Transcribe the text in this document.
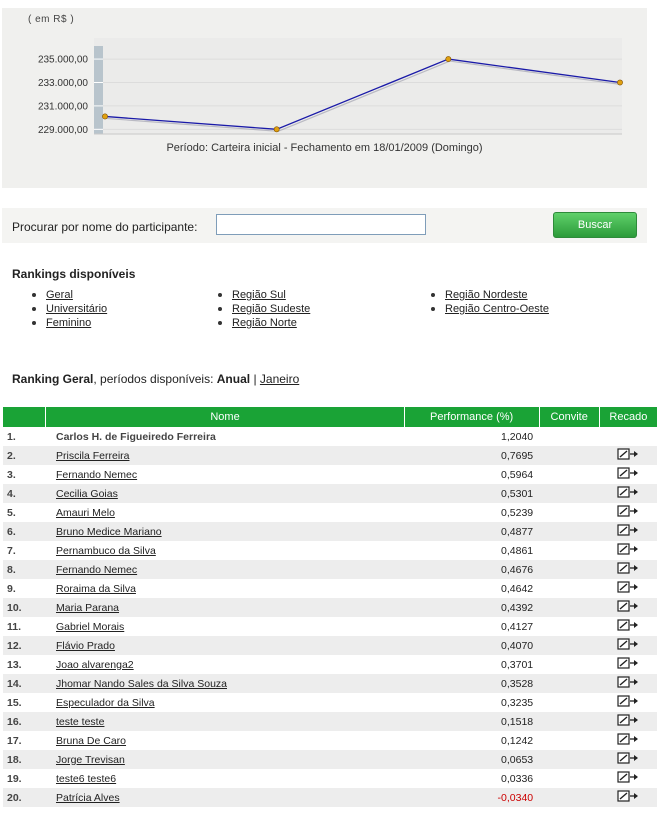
( em R$ )
229.000,00
231.000,00
233.000,00
235.000,00
Período: Carteira inicial - Fechamento em 18/01/2009 (Domingo)
Procurar por nome do participante:	Buscar
Rankings disponíveis
Geral
Universitário
Feminino
Região Sul
Região Sudeste
Região Norte
Região Nordeste
Região Centro-Oeste
Ranking Geral, períodos disponíveis: Anual | Janeiro
	Nome	Performance (%)	Convite	Recado
1.	Carlos H. de Figueiredo Ferreira	1,2040		
2.	Priscila Ferreira	0,7695		
3.	Fernando Nemec	0,5964		
4.	Cecilia Goias	0,5301		
5.	Amauri Melo	0,5239		
6.	Bruno Medice Mariano	0,4877		
7.	Pernambuco da Silva	0,4861		
8.	Fernando Nemec	0,4676		
9.	Roraima da Silva	0,4642		
10.	Maria Parana	0,4392		
11.	Gabriel Morais	0,4127		
12.	Flávio Prado	0,4070		
13.	Joao alvarenga2	0,3701		
14.	Jhomar Nando Sales da Silva Souza	0,3528		
15.	Especulador da Silva	0,3235		
16.	teste teste	0,1518		
17.	Bruna De Caro	0,1242		
18.	Jorge Trevisan	0,0653		
19.	teste6 teste6	0,0336		
20.	Patrícia Alves	-0,0340		
